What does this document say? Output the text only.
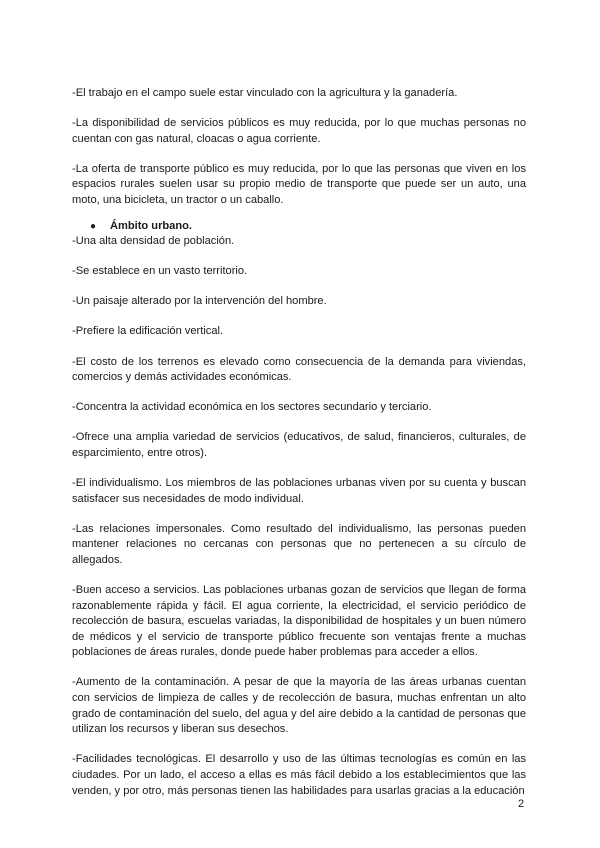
-El trabajo en el campo suele estar vinculado con la agricultura y la ganadería.

-La disponibilidad de servicios públicos es muy reducida, por lo que muchas personas no cuentan con gas natural, cloacas o agua corriente.

-La oferta de transporte público es muy reducida, por lo que las personas que viven en los espacios rurales suelen usar su propio medio de transporte que puede ser un auto, una moto, una bicicleta, un tractor o un caballo.

● Ámbito urbano.

-Una alta densidad de población.

-Se establece en un vasto territorio.

-Un paisaje alterado por la intervención del hombre.

-Prefiere la edificación vertical.

-El costo de los terrenos es elevado como consecuencia de la demanda para viviendas, comercios y demás actividades económicas.

-Concentra la actividad económica en los sectores secundario y terciario.

-Ofrece una amplia variedad de servicios (educativos, de salud, financieros, culturales, de esparcimiento, entre otros).

-El individualismo. Los miembros de las poblaciones urbanas viven por su cuenta y buscan satisfacer sus necesidades de modo individual.

-Las relaciones impersonales. Como resultado del individualismo, las personas pueden mantener relaciones no cercanas con personas que no pertenecen a su círculo de allegados.

-Buen acceso a servicios. Las poblaciones urbanas gozan de servicios que llegan de forma razonablemente rápida y fácil. El agua corriente, la electricidad, el servicio periódico de recolección de basura, escuelas variadas, la disponibilidad de hospitales y un buen número de médicos y el servicio de transporte público frecuente son ventajas frente a muchas poblaciones de áreas rurales, donde puede haber problemas para acceder a ellos.

-Aumento de la contaminación. A pesar de que la mayoría de las áreas urbanas cuentan con servicios de limpieza de calles y de recolección de basura, muchas enfrentan un alto grado de contaminación del suelo, del agua y del aire debido a la cantidad de personas que utilizan los recursos y liberan sus desechos.

-Facilidades tecnológicas. El desarrollo y uso de las últimas tecnologías es común en las ciudades. Por un lado, el acceso a ellas es más fácil debido a los establecimientos que las venden, y por otro, más personas tienen las habilidades para usarlas gracias a la educación

2
